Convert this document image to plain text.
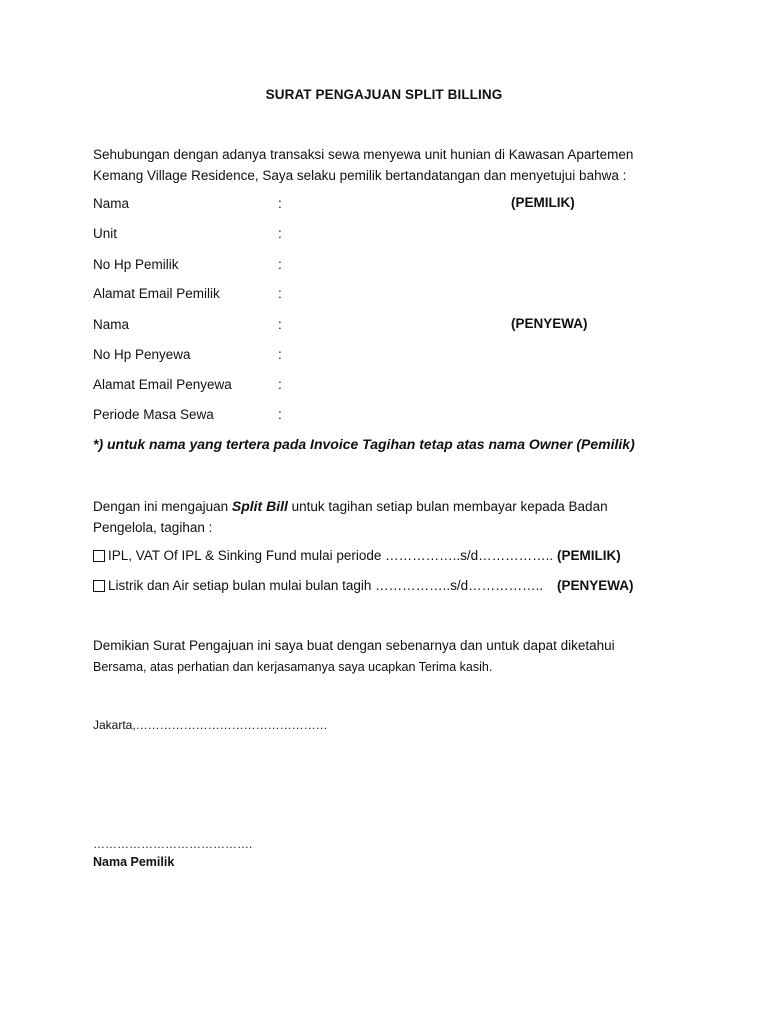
SURAT PENGAJUAN SPLIT BILLING
Sehubungan dengan adanya transaksi sewa menyewa unit hunian di Kawasan Apartemen Kemang Village Residence, Saya selaku pemilik bertandatangan dan menyetujui bahwa :
Nama	:	(PEMILIK)
Unit	:
No Hp Pemilik	:
Alamat Email Pemilik	:
Nama	:	(PENYEWA)
No Hp Penyewa	:
Alamat Email Penyewa	:
Periode Masa Sewa	:
*) untuk nama yang tertera pada Invoice Tagihan tetap atas nama Owner (Pemilik)
Dengan ini mengajuan Split Bill untuk tagihan setiap bulan membayar kepada Badan Pengelola, tagihan :
IPL, VAT Of IPL & Sinking Fund mulai periode ……………..s/d…………….. (PEMILIK)
Listrik dan Air setiap bulan mulai bulan tagih ……………..s/d…………….. (PENYEWA)
Demikian Surat Pengajuan ini saya buat dengan sebenarnya dan untuk dapat diketahui
Bersama, atas perhatian dan kerjasamanya saya ucapkan Terima kasih.
Jakarta,…………………………………………
………………………………….
Nama Pemilik
